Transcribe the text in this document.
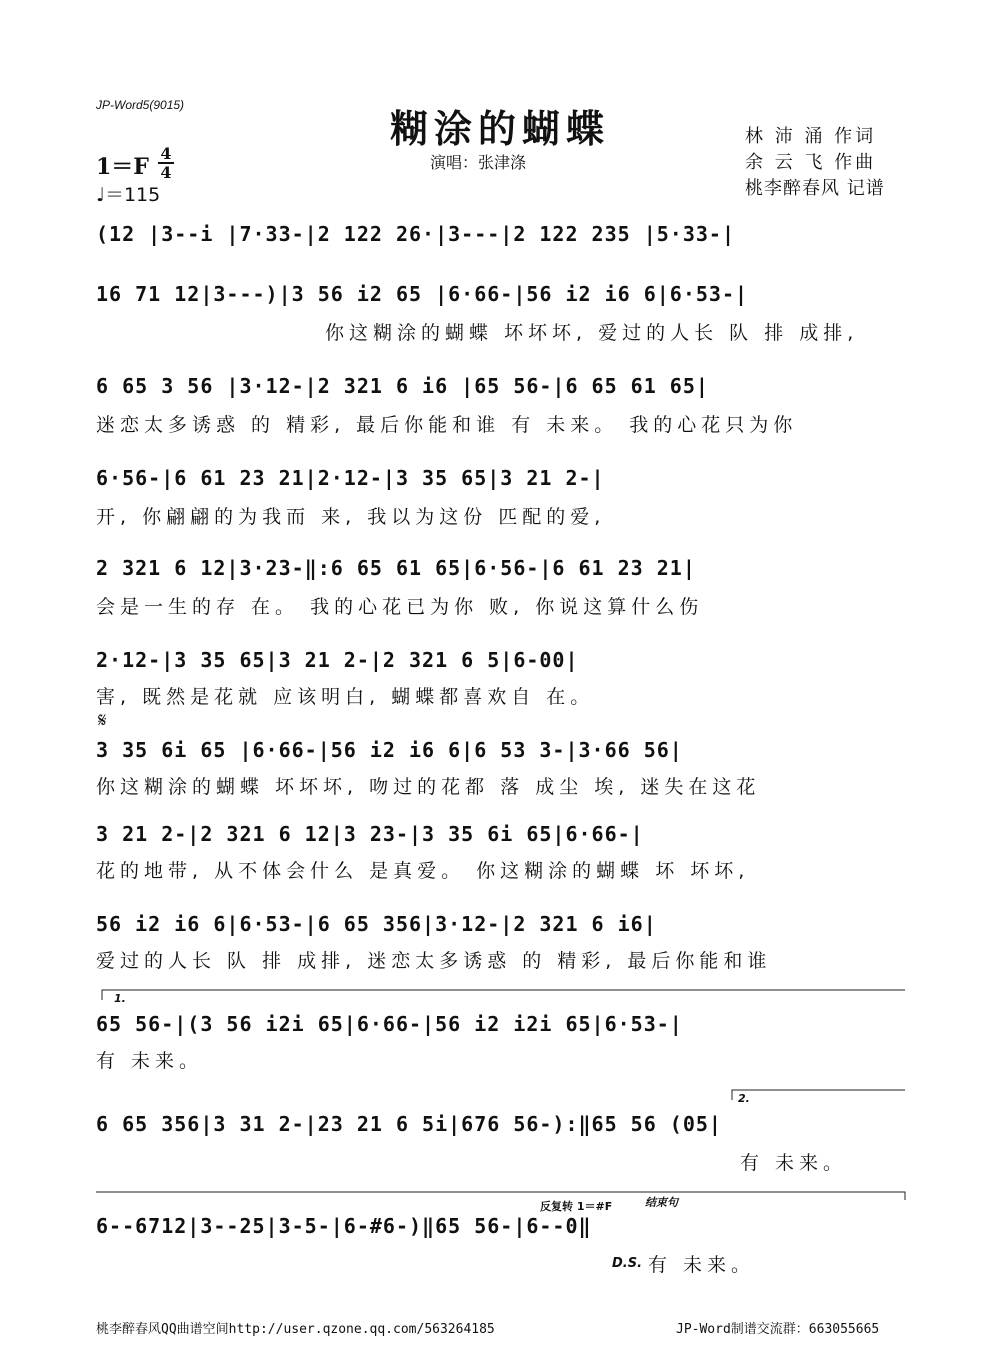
JP-Word5(9015)
糊涂的蝴蝶
演唱：张津涤
林 沛 涌 作词
余 云 飞 作曲
桃李醉春风 记谱
1＝F
4
4
♩＝115
(12 |3--i |7·33-|2 122 26·|3---|2 122 235 |5·33-|
16 71 12|3---)|3 56 i2 65 |6·66-|56 i2 i6 6|6·53-|
你这糊涂的蝴蝶 坏坏坏, 爱过的人长 队 排 成排,
6 65 3 56 |3·12-|2 321 6 i6 |65 56-|6 65 61 65|
迷恋太多诱惑 的 精彩, 最后你能和谁 有 未来。 我的心花只为你
6·56-|6 61 23 21|2·12-|3 35 65|3 21 2-|
开, 你翩翩的为我而 来, 我以为这份 匹配的爱,
2 321 6 12|3·23-‖:6 65 61 65|6·56-|6 61 23 21|
会是一生的存 在。 我的心花已为你 败, 你说这算什么伤
2·12-|3 35 65|3 21 2-|2 321 6 5|6-00|
害, 既然是花就 应该明白, 蝴蝶都喜欢自 在。
𝄋
3 35 6i 65 |6·66-|56 i2 i6 6|6 53 3-|3·66 56|
你这糊涂的蝴蝶 坏坏坏, 吻过的花都 落 成尘 埃, 迷失在这花
3 21 2-|2 321 6 12|3 23-|3 35 6i 65|6·66-|
花的地带, 从不体会什么 是真爱。 你这糊涂的蝴蝶 坏 坏坏,
56 i2 i6 6|6·53-|6 65 356|3·12-|2 321 6 i6|
爱过的人长 队 排 成排, 迷恋太多诱惑 的 精彩, 最后你能和谁
1.
65 56-|(3 56 i2i 65|6·66-|56 i2 i2i 65|6·53-|
有 未来。
2.
6 65 356|3 31 2-|23 21 6 5i|676 56-):‖65 56 (05|
有 未来。
反复转 1＝#F	结束句
6--6712|3--25|3-5-|6-#6-)‖65 56-|6--0‖
D.S. 有 未来。
桃李醉春风QQ曲谱空间http://user.qzone.qq.com/563264185	JP-Word制谱交流群：663055665
